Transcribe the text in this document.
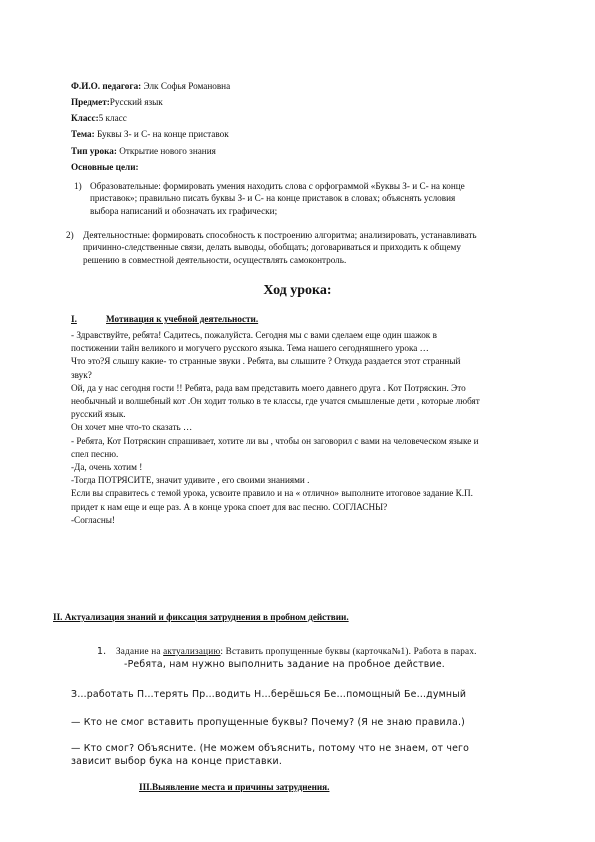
Ф.И.О. педагога: Элк Софья Романовна
Предмет:Русский язык
Класс:5 класс
Тема: Буквы З- и С- на конце приставок
Тип урока: Открытие нового знания
Основные цели:
1) Образовательные: формировать умения находить слова с орфограммой «Буквы З- и С- на конце
приставок»; правильно писать буквы З- и С- на конце приставок в словах; объяснять условия
выбора написаний и обозначать их графически;
2) Деятельностные: формировать способность к построению алгоритма; анализировать, устанавливать
причинно-следственные связи, делать выводы, обобщать; договариваться и приходить к общему
решению в совместной деятельности, осуществлять самоконтроль.
Ход урока:
I.	Мотивация к учебной деятельности.
- Здравствуйте, ребята! Садитесь, пожалуйста. Сегодня мы с вами сделаем еще один шажок в
постижении тайн великого и могучего русского языка. Тема нашего сегодняшнего урока …
Что это?Я слышу какие- то странные звуки . Ребята, вы слышите ? Откуда раздается этот странный
звук?
Ой, да у нас сегодня гости !! Ребята, рада вам представить моего давнего друга . Кот Потряскин. Это
необычный и волшебный кот .Он ходит только в те классы, где учатся смышленые дети , которые любят
русский язык.
Он хочет мне что-то сказать …
- Ребята, Кот Потряскин спрашивает, хотите ли вы , чтобы он заговорил с вами на человеческом языке и
спел песню.
-Да, очень хотим !
-Тогда ПОТРЯСИТЕ, значит удивите , его своими знаниями .
Если вы справитесь с темой урока, усвоите правило и на « отлично» выполните итоговое задание К.П.
придет к нам еще и еще раз. А в конце урока споет для вас песню. СОГЛАСНЫ?
-Согласны!
II. Актуализация знаний и фиксация затруднения в пробном действии.
1. Задание на актуализацию: Вставить пропущенные буквы (карточка№1). Работа в парах.
-Ребята, нам нужно выполнить задание на пробное действие.
З…работать П…терять Пр…водить Н…берёшься Бе…помощный Бе…думный
— Кто не смог вставить пропущенные буквы? Почему? (Я не знаю правила.)
— Кто смог? Объясните. (Не можем объяснить, потому что не знаем, от чего
зависит выбор бука на конце приставки.
III.Выявление места и причины затруднения.
